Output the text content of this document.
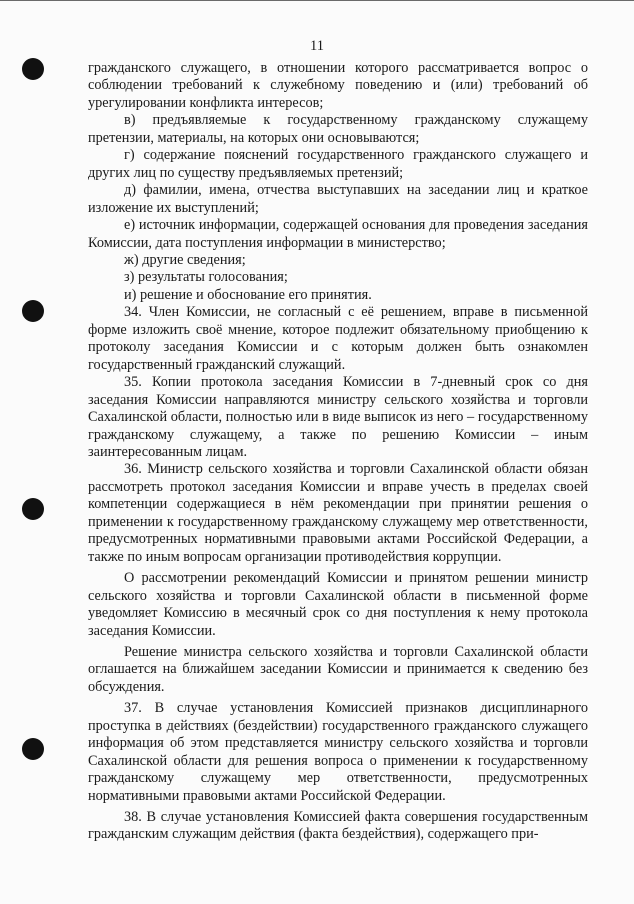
11

гражданского служащего, в отношении которого рассматривается вопрос о соблюдении требований к служебному поведению и (или) требований об урегулировании конфликта интересов;

в) предъявляемые к государственному гражданскому служащему претензии, материалы, на которых они основываются;

г) содержание пояснений государственного гражданского служащего и других лиц по существу предъявляемых претензий;

д) фамилии, имена, отчества выступавших на заседании лиц и краткое изложение их выступлений;

е) источник информации, содержащей основания для проведения заседания Комиссии, дата поступления информации в министерство;

ж) другие сведения;

з) результаты голосования;

и) решение и обоснование его принятия.

34. Член Комиссии, не согласный с её решением, вправе в письменной форме изложить своё мнение, которое подлежит обязательному приобщению к протоколу заседания Комиссии и с которым должен быть ознакомлен государственный гражданский служащий.

35. Копии протокола заседания Комиссии в 7-дневный срок со дня заседания Комиссии направляются министру сельского хозяйства и торговли Сахалинской области, полностью или в виде выписок из него – государственному гражданскому служащему, а также по решению Комиссии – иным заинтересованным лицам.

36. Министр сельского хозяйства и торговли Сахалинской области обязан рассмотреть протокол заседания Комиссии и вправе учесть в пределах своей компетенции содержащиеся в нём рекомендации при принятии решения о применении к государственному гражданскому служащему мер ответственности, предусмотренных нормативными правовыми актами Российской Федерации, а также по иным вопросам организации противодействия коррупции.

О рассмотрении рекомендаций Комиссии и принятом решении министр сельского хозяйства и торговли Сахалинской области в письменной форме уведомляет Комиссию в месячный срок со дня поступления к нему протокола заседания Комиссии.

Решение министра сельского хозяйства и торговли Сахалинской области оглашается на ближайшем заседании Комиссии и принимается к сведению без обсуждения.

37. В случае установления Комиссией признаков дисциплинарного проступка в действиях (бездействии) государственного гражданского служащего информация об этом представляется министру сельского хозяйства и торговли Сахалинской области для решения вопроса о применении к государственному гражданскому служащему мер ответственности, предусмотренных нормативными правовыми актами Российской Федерации.

38. В случае установления Комиссией факта совершения государственным гражданским служащим действия (факта бездействия), содержащего при-
